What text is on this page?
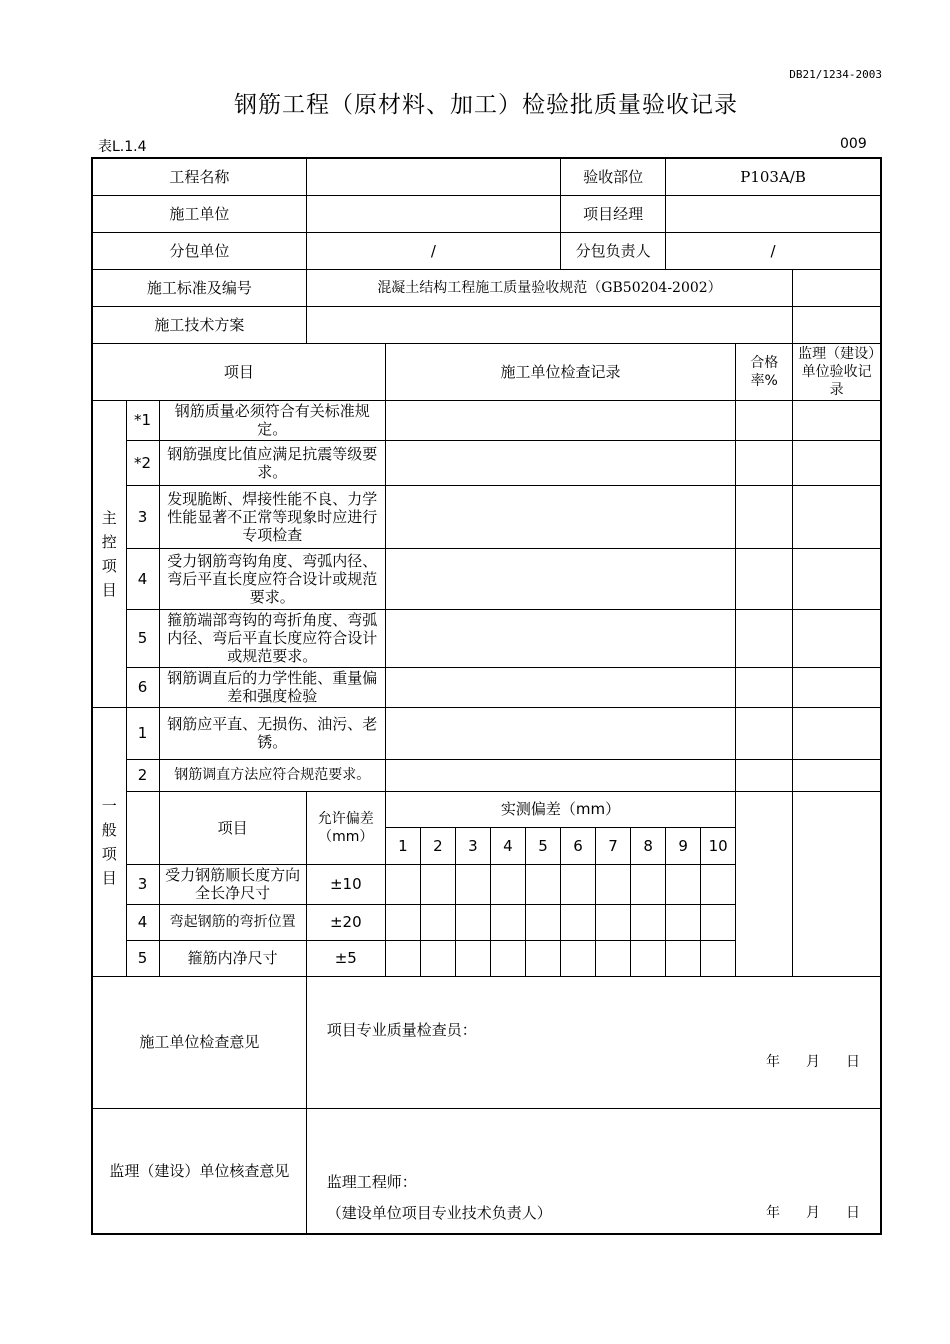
DB21/1234-2003
钢筋工程（原材料、加工）检验批质量验收记录
表L.1.4	009
工程名称									验收部位			P103A/B			
施工单位									项目经理						
分包单位			/						分包负责人			/			
施工标准及编号			混凝土结构工程施工质量验收规范（GB50204-2002）												
施工技术方案															
项目				施工单位检查记录										合格率%	监理（建设）单位验收记录
主控项目	*1	钢筋质量必须符合有关标准规定。													
	*2	钢筋强度比值应满足抗震等级要求。													
	3	发现脆断、焊接性能不良、力学性能显著不正常等现象时应进行专项检查													
	4	受力钢筋弯钩角度、弯弧内径、弯后平直长度应符合设计或规范要求。													
	5	箍筋端部弯钩的弯折角度、弯弧内径、弯后平直长度应符合设计或规范要求。													
	6	钢筋调直后的力学性能、重量偏差和强度检验													
一般项目	1	钢筋应平直、无损伤、油污、老锈。													
	2	钢筋调直方法应符合规范要求。													
		项目	允许偏差（mm）	实测偏差（mm）											
				1	2	3	4	5	6	7	8	9	10		
	3	受力钢筋顺长度方向全长净尺寸	±10												
	4	弯起钢筋的弯折位置	±20												
	5	箍筋内净尺寸	±5												
施工单位检查意见			项目专业质量检查员：
年 月 日												

监理（建设）单位核查意见			监理工程师：
（建设单位项目专业技术负责人） 年 月 日												
